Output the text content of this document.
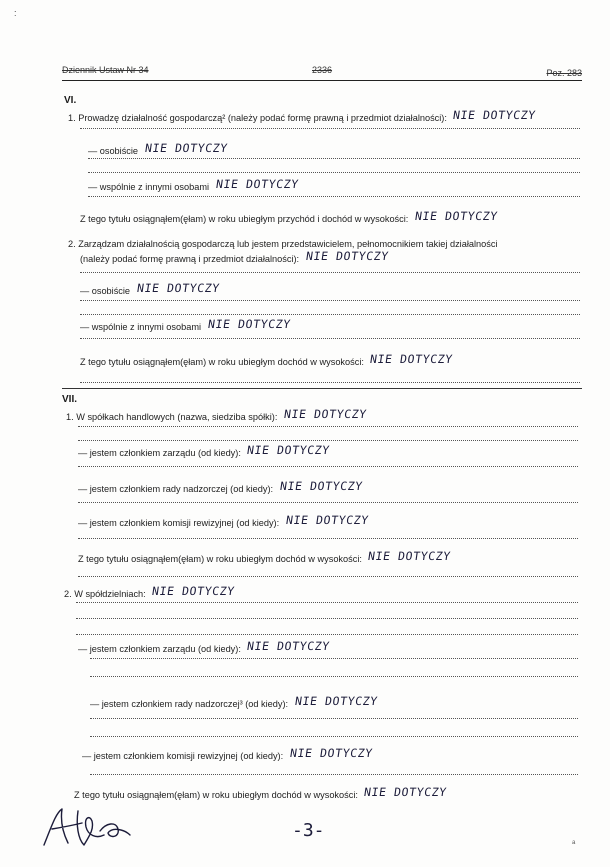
:
Dziennik Ustaw Nr 34	2336	Poz. 283
VI.
1. Prowadzę działalność gospodarczą² (należy podać formę prawną i przedmiot działalności): NIE DOTYCZY
— osobiście NIE DOTYCZY
— wspólnie z innymi osobami NIE DOTYCZY
Z tego tytułu osiągnąłem(ęłam) w roku ubiegłym przychód i dochód w wysokości: NIE DOTYCZY
2. Zarządzam działalnością gospodarczą lub jestem przedstawicielem, pełnomocnikiem takiej działalności
(należy podać formę prawną i przedmiot działalności): NIE DOTYCZY
— osobiście NIE DOTYCZY
— wspólnie z innymi osobami NIE DOTYCZY
Z tego tytułu osiągnąłem(ęłam) w roku ubiegłym dochód w wysokości: NIE DOTYCZY
VII.
1. W spółkach handlowych (nazwa, siedziba spółki): NIE DOTYCZY
— jestem członkiem zarządu (od kiedy): NIE DOTYCZY
— jestem członkiem rady nadzorczej (od kiedy): NIE DOTYCZY
— jestem członkiem komisji rewizyjnej (od kiedy): NIE DOTYCZY
Z tego tytułu osiągnąłem(ęłam) w roku ubiegłym dochód w wysokości: NIE DOTYCZY
2. W spółdzielniach: NIE DOTYCZY
— jestem członkiem zarządu (od kiedy): NIE DOTYCZY
— jestem członkiem rady nadzorczej³ (od kiedy): NIE DOTYCZY
— jestem członkiem komisji rewizyjnej (od kiedy): NIE DOTYCZY
Z tego tytułu osiągnąłem(ęłam) w roku ubiegłym dochód w wysokości: NIE DOTYCZY
-3-
a
